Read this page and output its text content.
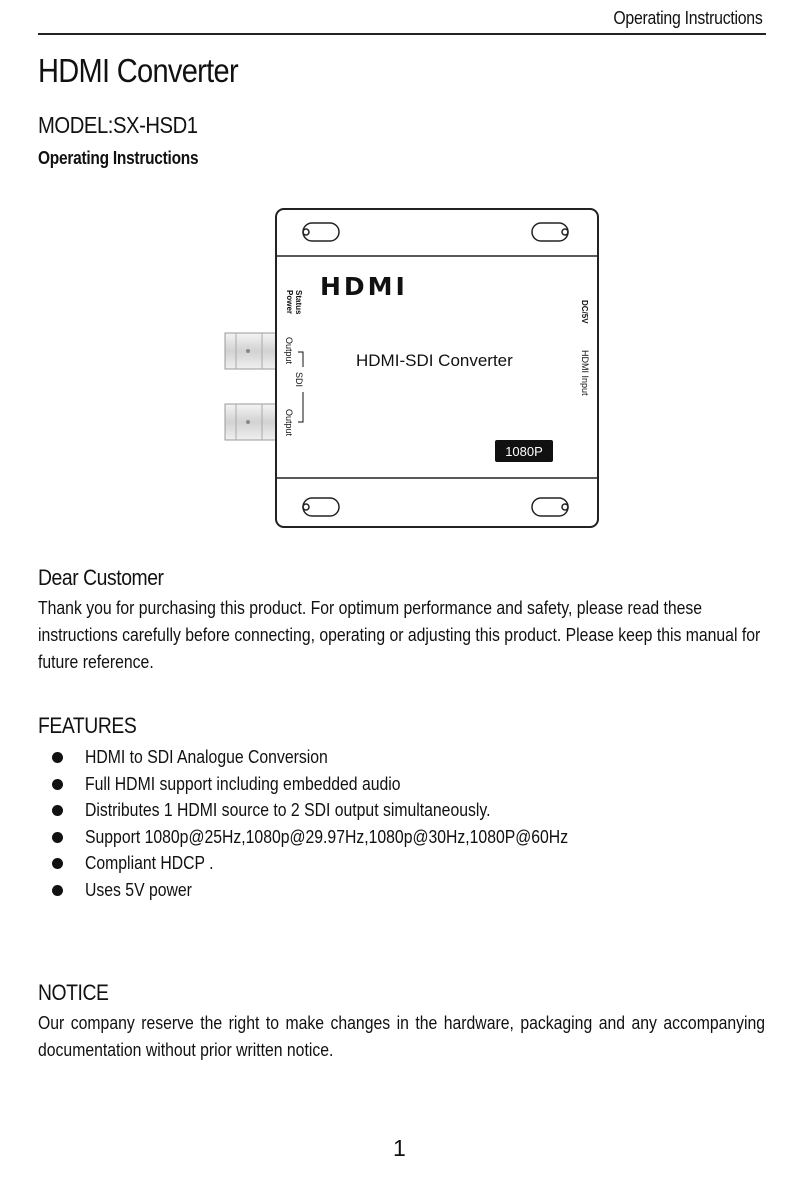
Operating Instructions
HDMI Converter
MODEL:SX-HSD1
Operating Instructions
HDMI
HDMI-SDI Converter
1080P
Status
Power
Output
SDI
Output
DC/5V
HDMI Input
Dear Customer
Thank you for purchasing this product. For optimum performance and safety, please read these instructions carefully before connecting, operating or adjusting this product. Please keep this manual for future reference.
FEATURES
HDMI to SDI Analogue Conversion
Full HDMI support including embedded audio
Distributes 1 HDMI source to 2 SDI output simultaneously.
Support 1080p@25Hz,1080p@29.97Hz,1080p@30Hz,1080P@60Hz
Compliant HDCP .
Uses 5V power
NOTICE
Our company reserve the right to make changes in the hardware, packaging and any accompanying documentation without prior written notice.
1
